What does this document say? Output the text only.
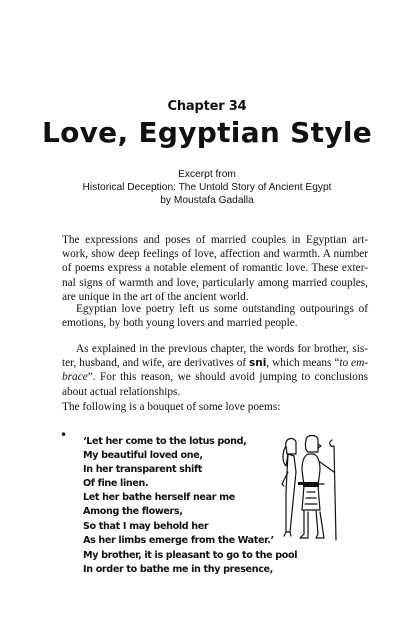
Chapter 34
Love, Egyptian Style
Excerpt from
Historical Deception: The Untold Story of Ancient Egypt
by Moustafa Gadalla
The expressions and poses of married couples in Egyptian art-
work, show deep feelings of love, affection and warmth. A number
of poems express a notable element of romantic love. These exter-
nal signs of warmth and love, particularly among married couples,
are unique in the art of the ancient world.
Egyptian love poetry left us some outstanding outpourings of
emotions, by both young lovers and married people.
As explained in the previous chapter, the words for brother, sis-
ter, husband, and wife, are derivatives of sni, which means “to em-
brace”. For this reason, we should avoid jumping to conclusions
about actual relationships.
The following is a bouquet of some love poems:
• ‘Let her come to the lotus pond,
My beautiful loved one,
In her transparent shift
Of fine linen.
Let her bathe herself near me
Among the flowers,
So that I may behold her
As her limbs emerge from the Water.’
My brother, it is pleasant to go to the pool
In order to bathe me in thy presence,
